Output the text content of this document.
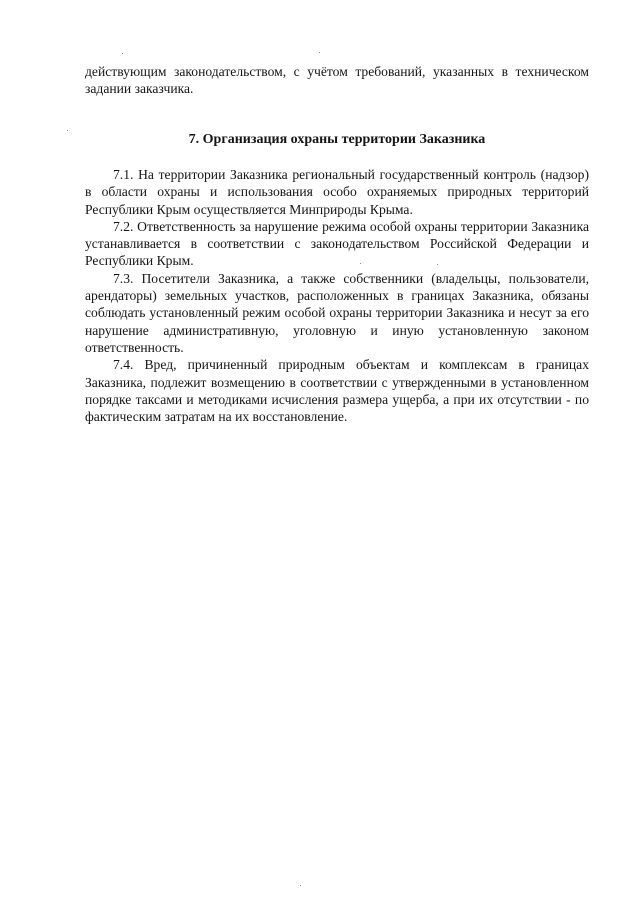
действующим законодательством, с учётом требований, указанных в техническом задании заказчика.

7. Организация охраны территории Заказника

7.1. На территории Заказника региональный государственный контроль (надзор) в области охраны и использования особо охраняемых природных территорий Республики Крым осуществляется Минприроды Крыма.

7.2. Ответственность за нарушение режима особой охраны территории Заказника устанавливается в соответствии с законодательством Российской Федерации и Республики Крым.

7.3. Посетители Заказника, а также собственники (владельцы, пользователи, арендаторы) земельных участков, расположенных в границах Заказника, обязаны соблюдать установленный режим особой охраны территории Заказника и несут за его нарушение административную, уголовную и иную установленную законом ответственность.

7.4. Вред, причиненный природным объектам и комплексам в границах Заказника, подлежит возмещению в соответствии с утвержденными в установленном порядке таксами и методиками исчисления размера ущерба, а при их отсутствии - по фактическим затратам на их восстановление.
